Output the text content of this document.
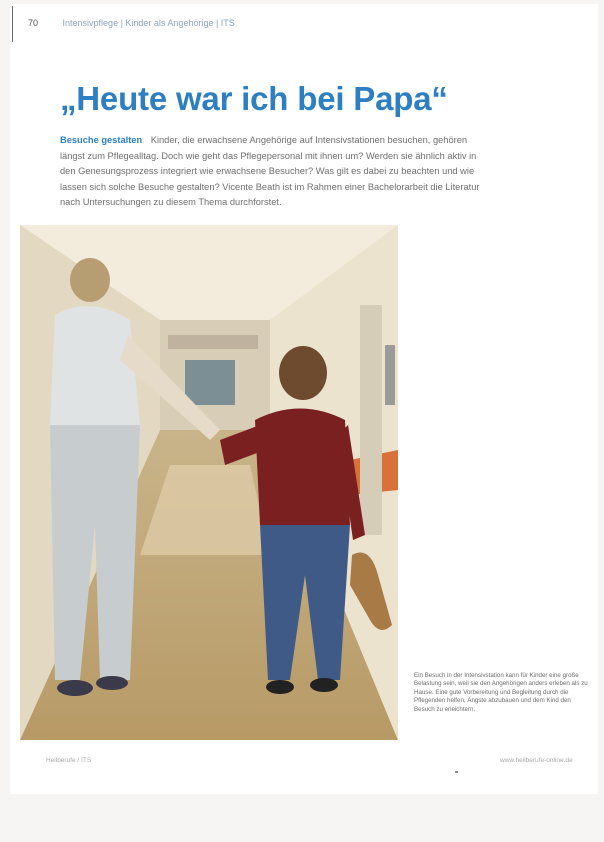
70	Intensivpflege | Kinder als Angehörige | ITS
„Heute war ich bei Papa“

Besuche gestalten Kinder, die erwachsene Angehörige auf Intensivstationen besuchen, gehören längst zum Pflegealltag. Doch wie geht das Pflegepersonal mit ihnen um? Werden sie ähnlich aktiv in den Genesungsprozess integriert wie erwachsene Besucher? Was gilt es dabei zu beachten und wie lassen sich solche Besuche gestalten? Vicente Beath ist im Rahmen einer Bachelorarbeit die Literatur nach Untersuchungen zu diesem Thema durchforstet.

Ein Besuch in der Intensivstation kann für Kinder eine große Belastung sein, weil sie den Angehörigen anders erleben als zu Hause. Eine gute Vorbereitung und Begleitung durch die Pflegenden helfen, Ängste abzubauen und dem Kind den Besuch zu erleichtern.

Heilberufe / ITS	www.heilberufe-online.de
